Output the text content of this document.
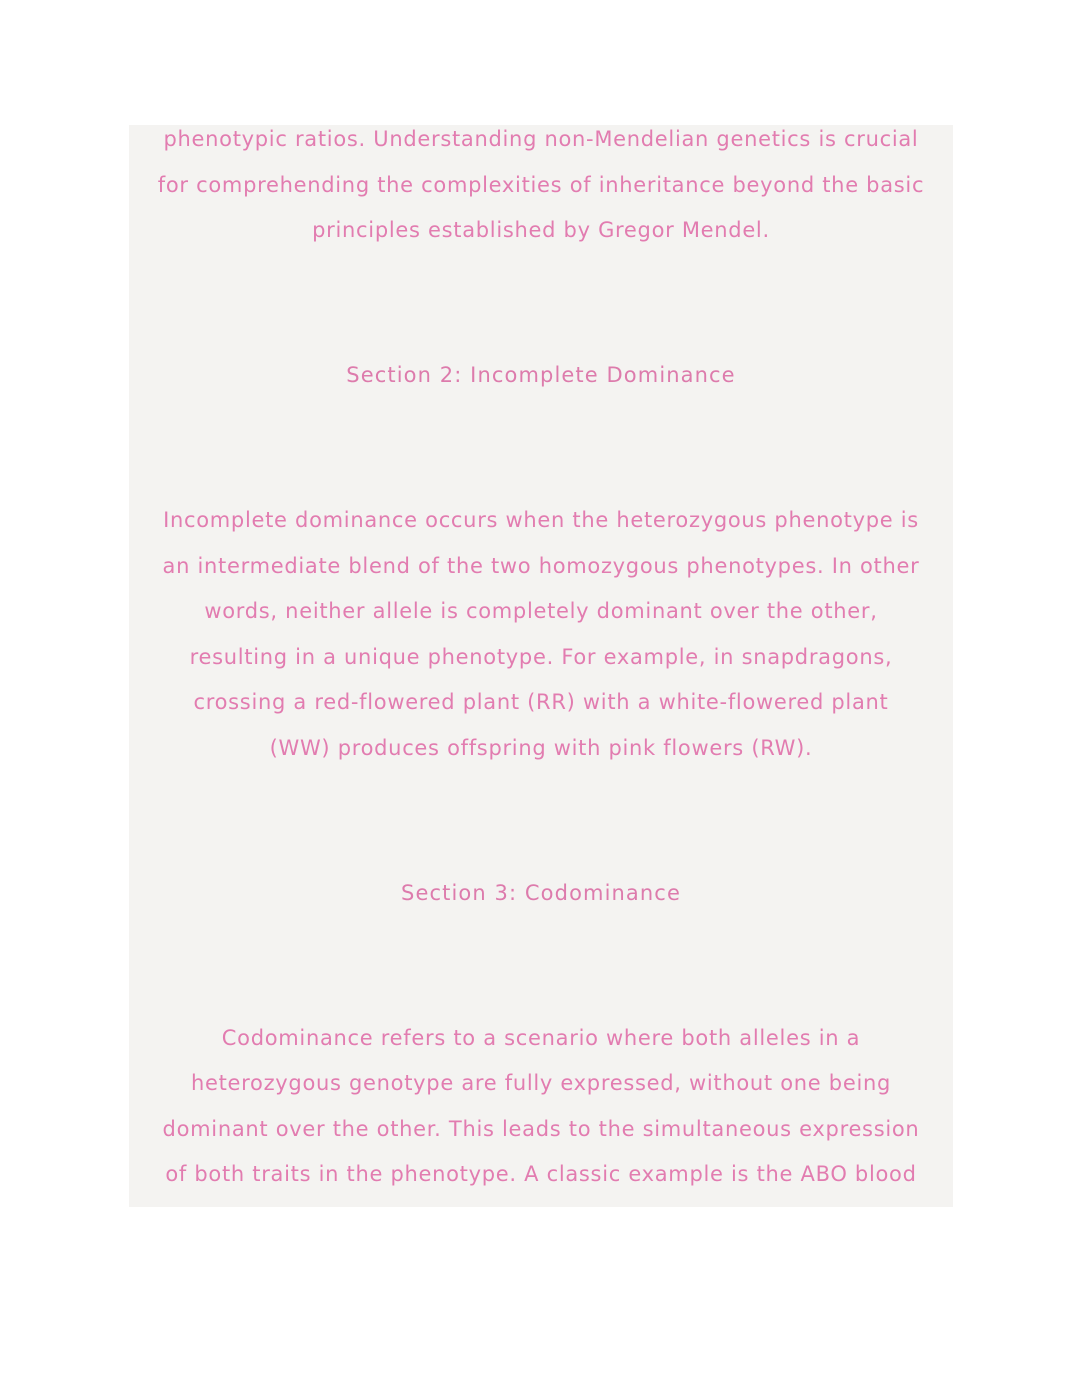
phenotypic ratios. Understanding non-Mendelian genetics is crucial
for comprehending the complexities of inheritance beyond the basic
principles established by Gregor Mendel.
Section 2: Incomplete Dominance
Incomplete dominance occurs when the heterozygous phenotype is
an intermediate blend of the two homozygous phenotypes. In other
words, neither allele is completely dominant over the other,
resulting in a unique phenotype. For example, in snapdragons,
crossing a red-flowered plant (RR) with a white-flowered plant
(WW) produces offspring with pink flowers (RW).
Section 3: Codominance
Codominance refers to a scenario where both alleles in a
heterozygous genotype are fully expressed, without one being
dominant over the other. This leads to the simultaneous expression
of both traits in the phenotype. A classic example is the ABO blood
